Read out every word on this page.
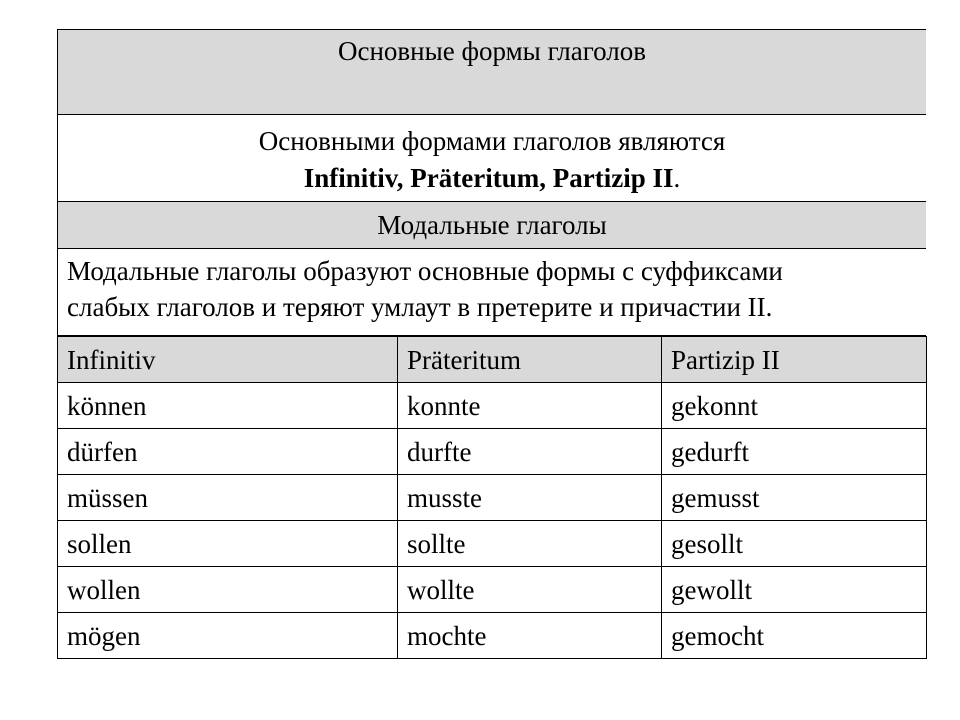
Основные формы глаголов
Основными формами глаголов являются
Infinitiv, Präteritum, Partizip II.
Модальные глаголы
Модальные глаголы образуют основные формы с суффиксами
слабых глаголов и теряют умлаут в претерите и причастии II.
Infinitiv	Präteritum	Partizip II
können	konnte	gekonnt
dürfen	durfte	gedurft
müssen	musste	gemusst
sollen	sollte	gesollt
wollen	wollte	gewollt
mögen	mochte	gemocht
